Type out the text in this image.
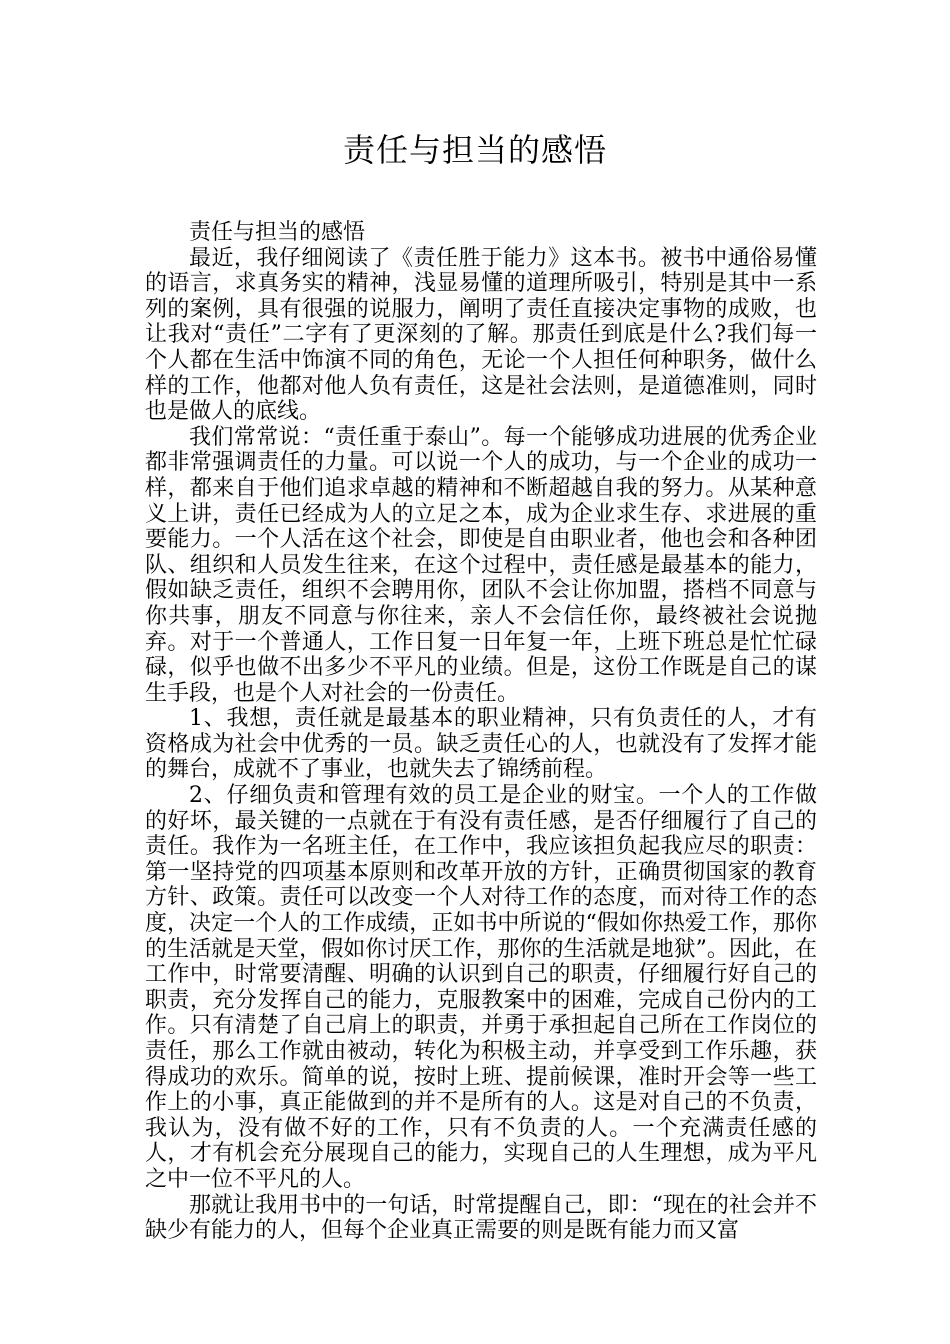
责任与担当的感悟

责任与担当的感悟

最近，我仔细阅读了《责任胜于能力》这本书。被书中通俗易懂的语言，求真务实的精神，浅显易懂的道理所吸引，特别是其中一系列的案例，具有很强的说服力，阐明了责任直接决定事物的成败，也让我对“责任”二字有了更深刻的了解。那责任到底是什么?我们每一个人都在生活中饰演不同的角色，无论一个人担任何种职务，做什么样的工作，他都对他人负有责任，这是社会法则，是道德准则，同时也是做人的底线。

我们常常说：“责任重于泰山”。每一个能够成功进展的优秀企业都非常强调责任的力量。可以说一个人的成功，与一个企业的成功一样，都来自于他们追求卓越的精神和不断超越自我的努力。从某种意义上讲，责任已经成为人的立足之本，成为企业求生存、求进展的重要能力。一个人活在这个社会，即使是自由职业者，他也会和各种团队、组织和人员发生往来，在这个过程中，责任感是最基本的能力，假如缺乏责任，组织不会聘用你，团队不会让你加盟，搭档不同意与你共事，朋友不同意与你往来，亲人不会信任你，最终被社会说抛弃。对于一个普通人，工作日复一日年复一年，上班下班总是忙忙碌碌，似乎也做不出多少不平凡的业绩。但是，这份工作既是自己的谋生手段，也是个人对社会的一份责任。

1、我想，责任就是最基本的职业精神，只有负责任的人，才有资格成为社会中优秀的一员。缺乏责任心的人，也就没有了发挥才能的舞台，成就不了事业，也就失去了锦绣前程。

2、仔细负责和管理有效的员工是企业的财宝。一个人的工作做的好坏，最关键的一点就在于有没有责任感，是否仔细履行了自己的责任。我作为一名班主任，在工作中，我应该担负起我应尽的职责：第一坚持党的四项基本原则和改革开放的方针，正确贯彻国家的教育方针、政策。责任可以改变一个人对待工作的态度，而对待工作的态度，决定一个人的工作成绩，正如书中所说的“假如你热爱工作，那你的生活就是天堂，假如你讨厌工作，那你的生活就是地狱”。因此，在工作中，时常要清醒、明确的认识到自己的职责，仔细履行好自己的职责，充分发挥自己的能力，克服教案中的困难，完成自己份内的工作。只有清楚了自己肩上的职责，并勇于承担起自己所在工作岗位的责任，那么工作就由被动，转化为积极主动，并享受到工作乐趣，获得成功的欢乐。简单的说，按时上班、提前候课，准时开会等一些工作上的小事，真正能做到的并不是所有的人。这是对自己的不负责，我认为，没有做不好的工作，只有不负责的人。一个充满责任感的人，才有机会充分展现自己的能力，实现自己的人生理想，成为平凡之中一位不平凡的人。

那就让我用书中的一句话，时常提醒自己，即：“现在的社会并不缺少有能力的人，但每个企业真正需要的则是既有能力而又富
